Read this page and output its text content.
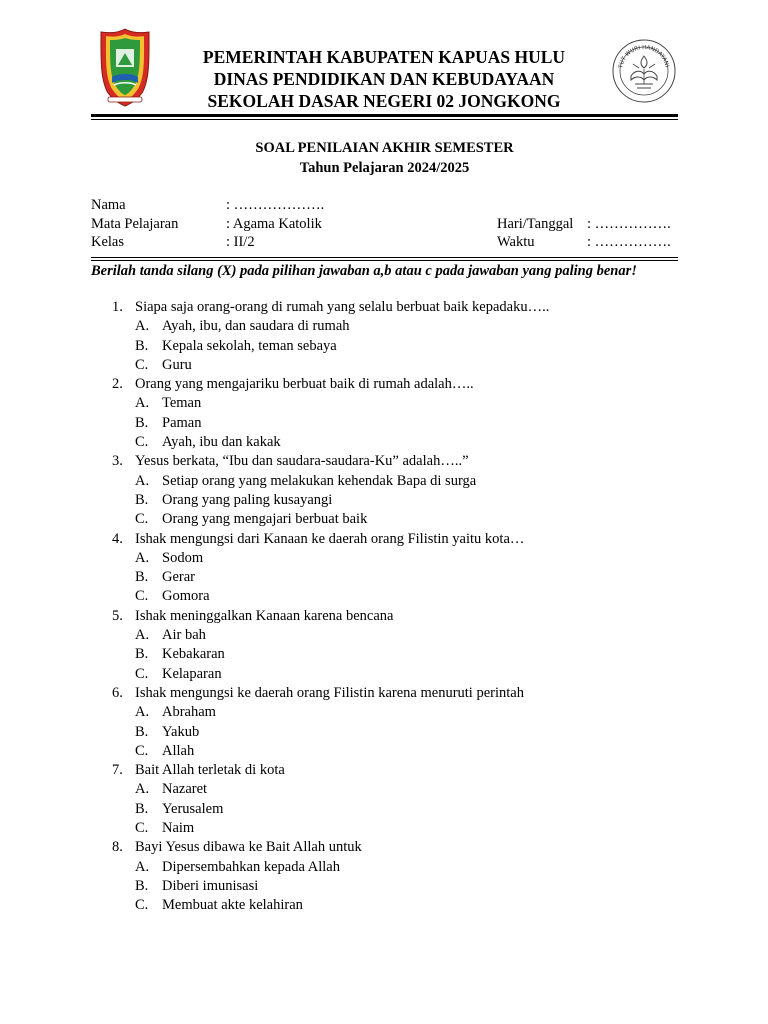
PEMERINTAH KABUPATEN KAPUAS HULU
DINAS PENDIDIKAN DAN KEBUDAYAAN
SEKOLAH DASAR NEGERI 02 JONGKONG
TUT WURI HANDAYANI
SOAL PENILAIAN AKHIR SEMESTER
Tahun Pelajaran 2024/2025
Nama	: ……………….
Mata Pelajaran	: Agama Katolik	Hari/Tanggal : …………….
Kelas	: II/2	Waktu	: …………….
Berilah tanda silang (X) pada pilihan jawaban a,b atau c pada jawaban yang paling benar!
1. Siapa saja orang-orang di rumah yang selalu berbuat baik kepadaku…..
A. Ayah, ibu, dan saudara di rumah
B. Kepala sekolah, teman sebaya
C. Guru
2. Orang yang mengajariku berbuat baik di rumah adalah…..
A. Teman
B. Paman
C. Ayah, ibu dan kakak
3. Yesus berkata, “Ibu dan saudara-saudara-Ku” adalah…..”
A. Setiap orang yang melakukan kehendak Bapa di surga
B. Orang yang paling kusayangi
C. Orang yang mengajari berbuat baik
4. Ishak mengungsi dari Kanaan ke daerah orang Filistin yaitu kota…
A. Sodom
B. Gerar
C. Gomora
5. Ishak meninggalkan Kanaan karena bencana
A. Air bah
B. Kebakaran
C. Kelaparan
6. Ishak mengungsi ke daerah orang Filistin karena menuruti perintah
A. Abraham
B. Yakub
C. Allah
7. Bait Allah terletak di kota
A. Nazaret
B. Yerusalem
C. Naim
8. Bayi Yesus dibawa ke Bait Allah untuk
A. Dipersembahkan kepada Allah
B. Diberi imunisasi
C. Membuat akte kelahiran
